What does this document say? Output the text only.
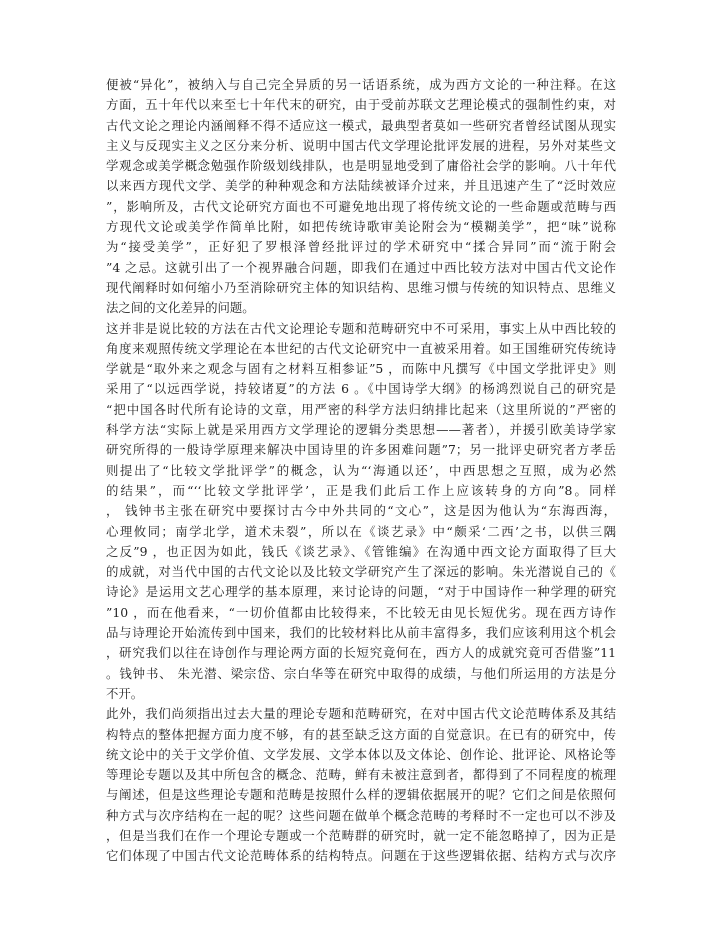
便被“异化”，被纳入与自己完全异质的另一话语系统，成为西方文论的一种注释。在这
方面，五十年代以来至七十年代末的研究，由于受前苏联文艺理论模式的强制性约束，对
古代文论之理论内涵阐释不得不适应这一模式，最典型者莫如一些研究者曾经试图从现实
主义与反现实主义之区分来分析、说明中国古代文学理论批评发展的进程，另外对某些文
学观念或美学概念勉强作阶级划线排队，也是明显地受到了庸俗社会学的影响。八十年代
以来西方现代文学、美学的种种观念和方法陆续被译介过来，并且迅速产生了“泛时效应
”，影响所及，古代文论研究方面也不可避免地出现了将传统文论的一些命题或范畴与西
方现代文论或美学作简单比附，如把传统诗歌审美论附会为“模糊美学”，把“味”说称
为“接受美学”，正好犯了罗根泽曾经批评过的学术研究中“揉合异同”而“流于附会
”4 之忌。这就引出了一个视界融合问题，即我们在通过中西比较方法对中国古代文论作
现代阐释时如何缩小乃至消除研究主体的知识结构、思维习惯与传统的知识特点、思维义
法之间的文化差异的问题。
这并非是说比较的方法在古代文论理论专题和范畴研究中不可采用，事实上从中西比较的
角度来观照传统文学理论在本世纪的古代文论研究中一直被采用着。如王国维研究传统诗
学就是“取外来之观念与固有之材料互相参证”5 ，而陈中凡撰写《中国文学批评史》则
采用了“以远西学说，持较诸夏”的方法 6 。《中国诗学大纲》的杨鸿烈说自己的研究是
“把中国各时代所有论诗的文章，用严密的科学方法归纳排比起来（这里所说的”严密的
科学方法“实际上就是采用西方文学理论的逻辑分类思想——著者），并援引欧美诗学家
研究所得的一般诗学原理来解决中国诗里的许多困难问题”7；另一批评史研究者方孝岳
则提出了“比较文学批评学”的概念，认为“‘海通以还’，中西思想之互照，成为必然
的结果”，而“‘‘比较文学批评学’，正是我们此后工作上应该转身的方向”8。同样
， 钱钟书主张在研究中要探讨古今中外共同的“文心”，这是因为他认为“东海西海，
心理攸同；南学北学，道术未裂”，所以在《谈艺录》中“颇采‘二西’之书，以供三隅
之反”9 ，也正因为如此，钱氏《谈艺录》、《管锥编》在沟通中西文论方面取得了巨大
的成就，对当代中国的古代文论以及比较文学研究产生了深远的影响。朱光潜说自己的《
诗论》是运用文艺心理学的基本原理，来讨论诗的问题，“对于中国诗作一种学理的研究
”10 ，而在他看来，“一切价值都由比较得来，不比较无由见长短优劣。现在西方诗作
品与诗理论开始流传到中国来，我们的比较材料比从前丰富得多，我们应该利用这个机会
，研究我们以往在诗创作与理论两方面的长短究竟何在，西方人的成就究竟可否借鉴”11
。钱钟书、 朱光潜、梁宗岱、宗白华等在研究中取得的成绩，与他们所运用的方法是分
不开。
此外，我们尚须指出过去大量的理论专题和范畴研究，在对中国古代文论范畴体系及其结
构特点的整体把握方面力度不够，有的甚至缺乏这方面的自觉意识。在已有的研究中，传
统文论中的关于文学价值、文学发展、文学本体以及文体论、创作论、批评论、风格论等
等理论专题以及其中所包含的概念、范畴，鲜有未被注意到者，都得到了不同程度的梳理
与阐述，但是这些理论专题和范畴是按照什么样的逻辑依据展开的呢？它们之间是依照何
种方式与次序结构在一起的呢？这些问题在做单个概念范畴的考释时不一定也可以不涉及
，但是当我们在作一个理论专题或一个范畴群的研究时，就一定不能忽略掉了，因为正是
它们体现了中国古代文论范畴体系的结构特点。问题在于这些逻辑依据、结构方式与次序
